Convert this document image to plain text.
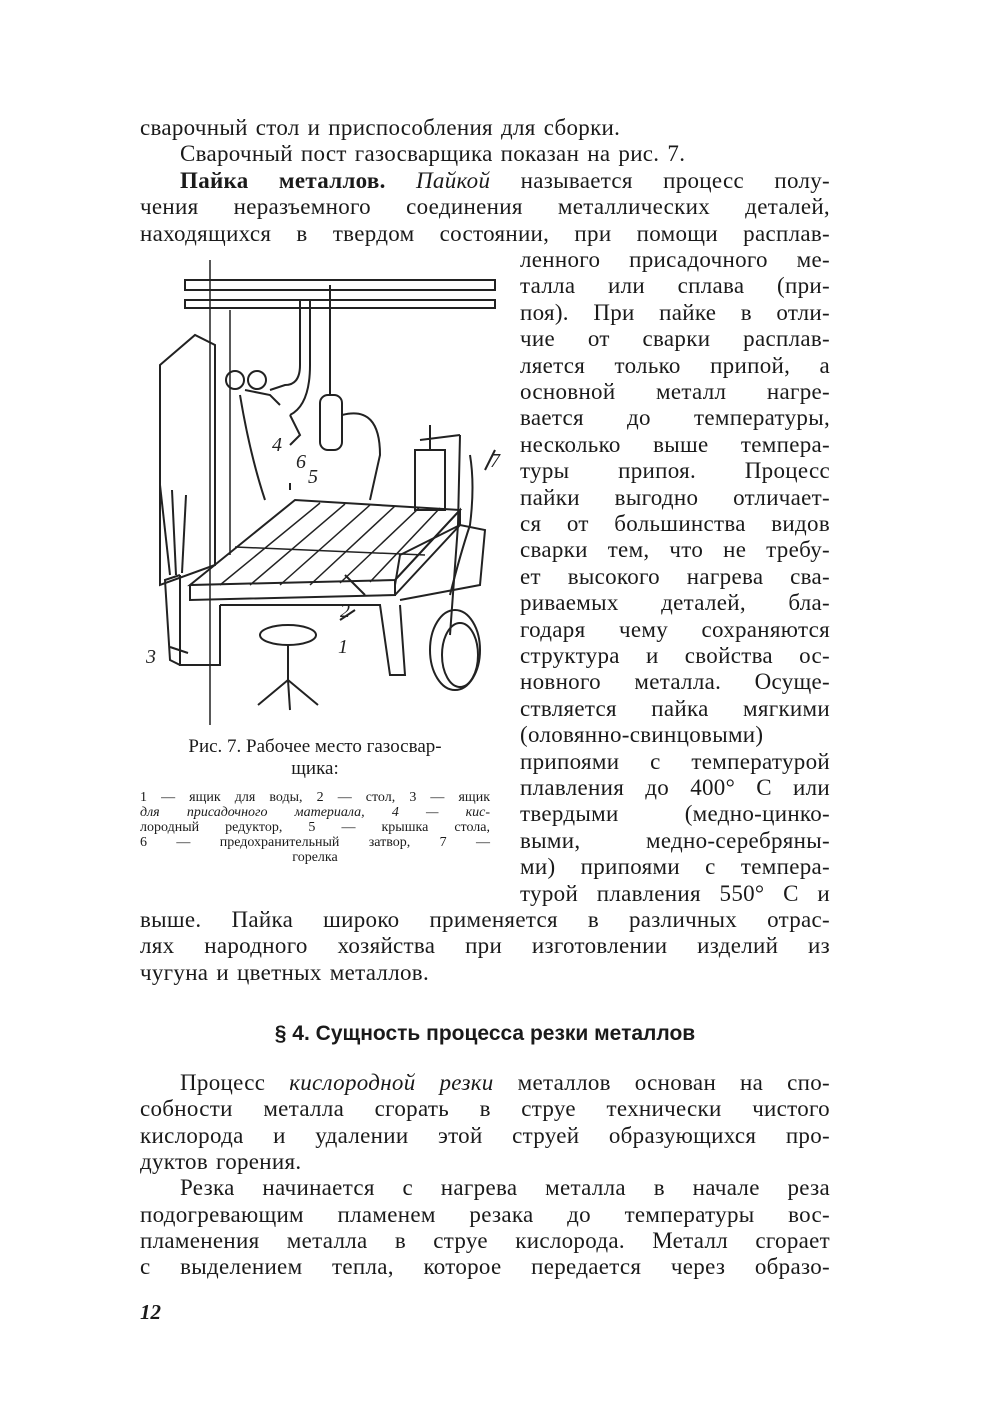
сварочный стол и приспособления для сборки.
Сварочный пост газосварщика показан на рис. 7.
Пайка металлов. Пайкой называется процесс полу-
чения неразъемного соединения металлических деталей,
находящихся в твердом состоянии, при помощи расплав-
ленного присадочного ме-
талла или сплава (при-
поя). При пайке в отли-
чие от сварки расплав-
ляется только припой, а
основной металл нагре-
вается до температуры,
несколько выше темпера-
туры припоя. Процесс
пайки выгодно отличает-
ся от большинства видов
сварки тем, что не требу-
ет высокого нагрева сва-
риваемых деталей, бла-
годаря чему сохраняются
структура и свойства ос-
новного металла. Осуще-
ствляется пайка мягкими
(оловянно-свинцовыми)
припоями с температурой
плавления до 400° С или
твердыми (медно-цинко-
выми, медно-серебряны-
ми) припоями с темпера-
турой плавления 550° С и
выше. Пайка широко применяется в различных отрас-
лях народного хозяйства при изготовлении изделий из
чугуна и цветных металлов.
§ 4. Сущность процесса резки металлов
Процесс кислородной резки металлов основан на спо-
собности металла сгорать в струе технически чистого
кислорода и удалении этой струей образующихся про-
дуктов горения.
Резка начинается с нагрева металла в начале реза
подогревающим пламенем резака до температуры вос-
пламенения металла в струе кислорода. Металл сгорает
с выделением тепла, которое передается через образо-
4
6
5
7
2
1
3
Рис. 7. Рабочее место газосвар-
щика:
1 — ящик для воды, 2 — стол, 3 — ящик
для присадочного материала, 4 — кис-
лородный редуктор, 5 — крышка стола,
6 — предохранительный затвор, 7 —
горелка
12
